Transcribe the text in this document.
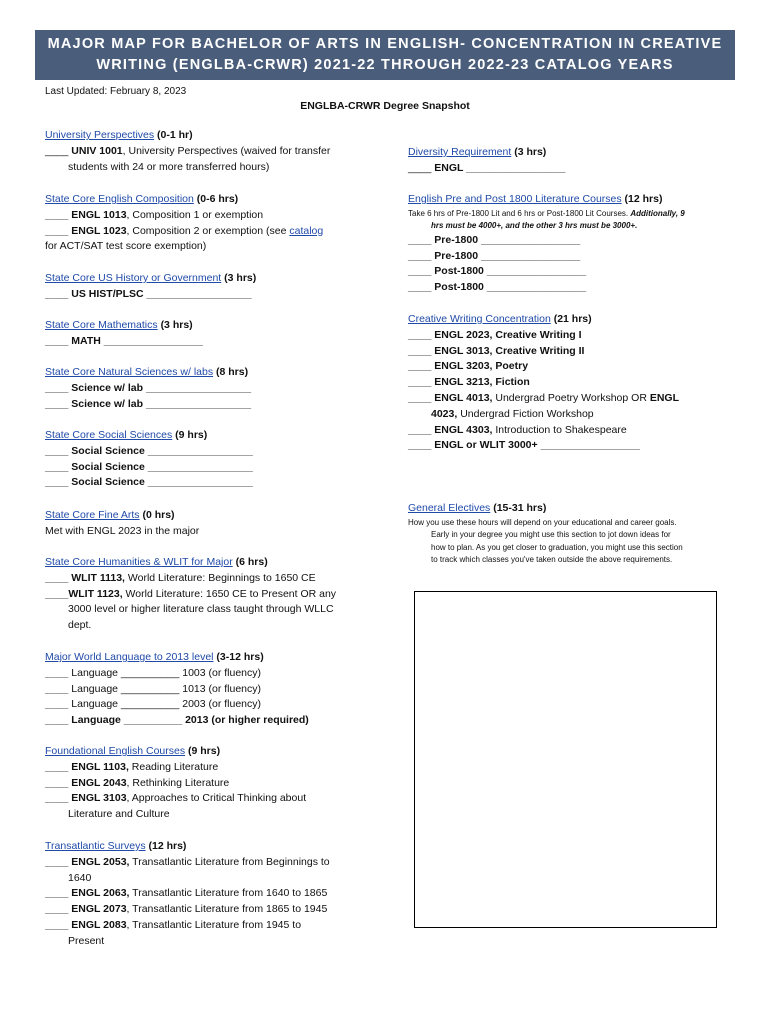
MAJOR MAP FOR BACHELOR OF ARTS IN ENGLISH- CONCENTRATION IN CREATIVE
WRITING (ENGLBA-CRWR) 2021-22 THROUGH 2022-23 CATALOG YEARS
Last Updated: February 8, 2023
ENGLBA-CRWR Degree Snapshot
University Perspectives (0-1 hr)
____ UNIV 1001, University Perspectives (waived for transfer
students with 24 or more transferred hours)
State Core English Composition (0-6 hrs)
____ ENGL 1013, Composition 1 or exemption
____ ENGL 1023, Composition 2 or exemption (see catalog
for ACT/SAT test score exemption)
State Core US History or Government (3 hrs)
____ US HIST/PLSC __________________
State Core Mathematics (3 hrs)
____ MATH _________________
State Core Natural Sciences w/ labs (8 hrs)
____ Science w/ lab __________________
____ Science w/ lab __________________
State Core Social Sciences (9 hrs)
____ Social Science __________________
____ Social Science __________________
____ Social Science __________________
State Core Fine Arts (0 hrs)
Met with ENGL 2023 in the major
State Core Humanities & WLIT for Major (6 hrs)
____ WLIT 1113, World Literature: Beginnings to 1650 CE
____WLIT 1123, World Literature: 1650 CE to Present OR any
3000 level or higher literature class taught through WLLC
dept.
Major World Language to 2013 level (3-12 hrs)
____ Language __________ 1003 (or fluency)
____ Language __________ 1013 (or fluency)
____ Language __________ 2003 (or fluency)
____ Language __________ 2013 (or higher required)
Foundational English Courses (9 hrs)
____ ENGL 1103, Reading Literature
____ ENGL 2043, Rethinking Literature
____ ENGL 3103, Approaches to Critical Thinking about
Literature and Culture
Transatlantic Surveys (12 hrs)
____ ENGL 2053, Transatlantic Literature from Beginnings to
1640
____ ENGL 2063, Transatlantic Literature from 1640 to 1865
____ ENGL 2073, Transatlantic Literature from 1865 to 1945
____ ENGL 2083, Transatlantic Literature from 1945 to
Present
Diversity Requirement (3 hrs)
____ ENGL _________________
English Pre and Post 1800 Literature Courses (12 hrs)
Take 6 hrs of Pre-1800 Lit and 6 hrs or Post-1800 Lit Courses. Additionally, 9
hrs must be 4000+, and the other 3 hrs must be 3000+.
____ Pre-1800 _________________
____ Pre-1800 _________________
____ Post-1800 _________________
____ Post-1800 _________________
Creative Writing Concentration (21 hrs)
____ ENGL 2023, Creative Writing I
____ ENGL 3013, Creative Writing II
____ ENGL 3203, Poetry
____ ENGL 3213, Fiction
____ ENGL 4013, Undergrad Poetry Workshop OR ENGL
4023, Undergrad Fiction Workshop
____ ENGL 4303, Introduction to Shakespeare
____ ENGL or WLIT 3000+ _________________
General Electives (15-31 hrs)
How you use these hours will depend on your educational and career goals.
Early in your degree you might use this section to jot down ideas for
how to plan. As you get closer to graduation, you might use this section
to track which classes you've taken outside the above requirements.
